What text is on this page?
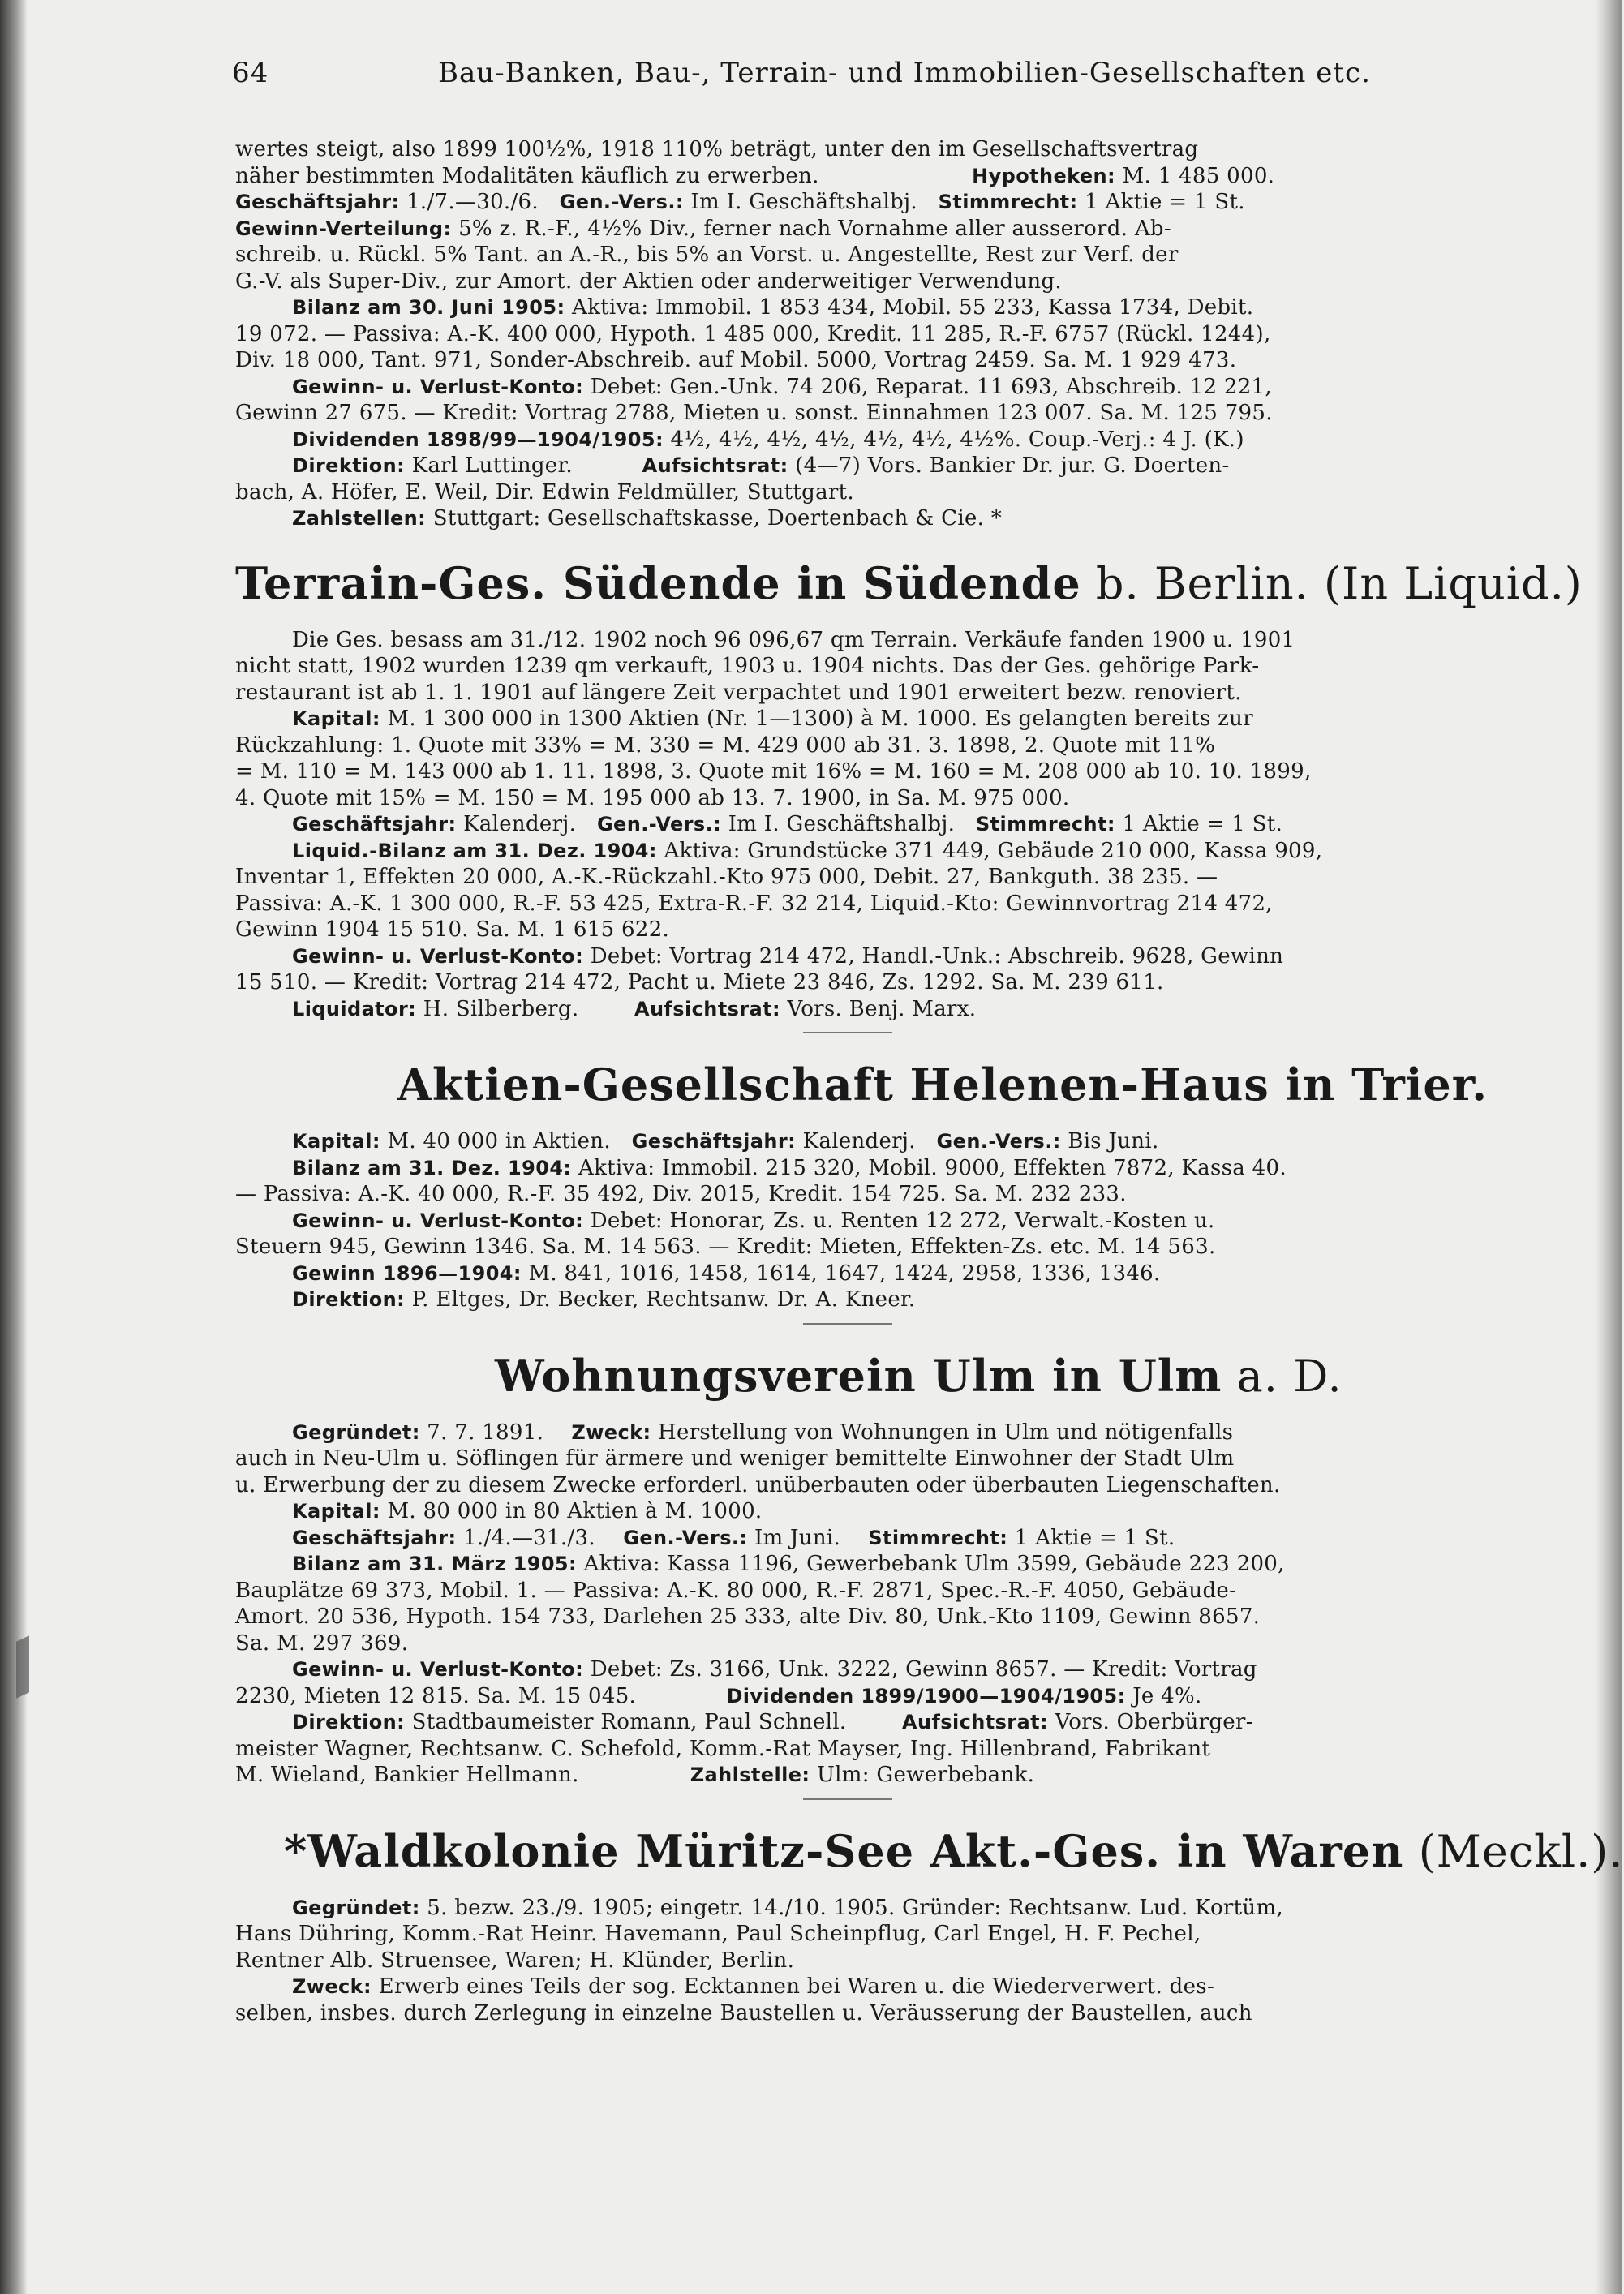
64	Bau-Banken, Bau-, Terrain- und Immobilien-Gesellschaften etc.

wertes steigt, also 1899 100½%, 1918 110% beträgt, unter den im Gesellschaftsvertrag

näher bestimmten Modalitäten käuflich zu erwerben.	Hypotheken: M. 1 485 000.

Geschäftsjahr: 1./7.—30./6. Gen.-Vers.: Im I. Geschäftshalbj. Stimmrecht: 1 Aktie = 1 St.

Gewinn-Verteilung: 5% z. R.-F., 4½% Div., ferner nach Vornahme aller ausserord. Ab-

schreib. u. Rückl. 5% Tant. an A.-R., bis 5% an Vorst. u. Angestellte, Rest zur Verf. der

G.-V. als Super-Div., zur Amort. der Aktien oder anderweitiger Verwendung.

Bilanz am 30. Juni 1905: Aktiva: Immobil. 1 853 434, Mobil. 55 233, Kassa 1734, Debit.

19 072. — Passiva: A.-K. 400 000, Hypoth. 1 485 000, Kredit. 11 285, R.-F. 6757 (Rückl. 1244),

Div. 18 000, Tant. 971, Sonder-Abschreib. auf Mobil. 5000, Vortrag 2459. Sa. M. 1 929 473.

Gewinn- u. Verlust-Konto: Debet: Gen.-Unk. 74 206, Reparat. 11 693, Abschreib. 12 221,

Gewinn 27 675. — Kredit: Vortrag 2788, Mieten u. sonst. Einnahmen 123 007. Sa. M. 125 795.

Dividenden 1898/99—1904/1905: 4½, 4½, 4½, 4½, 4½, 4½, 4½%. Coup.-Verj.: 4 J. (K.)

Direktion: Karl Luttinger.	Aufsichtsrat: (4—7) Vors. Bankier Dr. jur. G. Doerten-

bach, A. Höfer, E. Weil, Dir. Edwin Feldmüller, Stuttgart.

Zahlstellen: Stuttgart: Gesellschaftskasse, Doertenbach & Cie. *

Terrain-Ges. Südende in Südende b. Berlin. (In Liquid.)

Die Ges. besass am 31./12. 1902 noch 96 096,67 qm Terrain. Verkäufe fanden 1900 u. 1901

nicht statt, 1902 wurden 1239 qm verkauft, 1903 u. 1904 nichts. Das der Ges. gehörige Park-

restaurant ist ab 1. 1. 1901 auf längere Zeit verpachtet und 1901 erweitert bezw. renoviert.

Kapital: M. 1 300 000 in 1300 Aktien (Nr. 1—1300) à M. 1000. Es gelangten bereits zur

Rückzahlung: 1. Quote mit 33% = M. 330 = M. 429 000 ab 31. 3. 1898, 2. Quote mit 11%

= M. 110 = M. 143 000 ab 1. 11. 1898, 3. Quote mit 16% = M. 160 = M. 208 000 ab 10. 10. 1899,

4. Quote mit 15% = M. 150 = M. 195 000 ab 13. 7. 1900, in Sa. M. 975 000.

Geschäftsjahr: Kalenderj. Gen.-Vers.: Im I. Geschäftshalbj. Stimmrecht: 1 Aktie = 1 St.

Liquid.-Bilanz am 31. Dez. 1904: Aktiva: Grundstücke 371 449, Gebäude 210 000, Kassa 909,

Inventar 1, Effekten 20 000, A.-K.-Rückzahl.-Kto 975 000, Debit. 27, Bankguth. 38 235. —

Passiva: A.-K. 1 300 000, R.-F. 53 425, Extra-R.-F. 32 214, Liquid.-Kto: Gewinnvortrag 214 472,

Gewinn 1904 15 510. Sa. M. 1 615 622.

Gewinn- u. Verlust-Konto: Debet: Vortrag 214 472, Handl.-Unk.: Abschreib. 9628, Gewinn

15 510. — Kredit: Vortrag 214 472, Pacht u. Miete 23 846, Zs. 1292. Sa. M. 239 611.

Liquidator: H. Silberberg.	Aufsichtsrat: Vors. Benj. Marx.

Aktien-Gesellschaft Helenen-Haus in Trier.

Kapital: M. 40 000 in Aktien. Geschäftsjahr: Kalenderj. Gen.-Vers.: Bis Juni.

Bilanz am 31. Dez. 1904: Aktiva: Immobil. 215 320, Mobil. 9000, Effekten 7872, Kassa 40.

— Passiva: A.-K. 40 000, R.-F. 35 492, Div. 2015, Kredit. 154 725. Sa. M. 232 233.

Gewinn- u. Verlust-Konto: Debet: Honorar, Zs. u. Renten 12 272, Verwalt.-Kosten u.

Steuern 945, Gewinn 1346. Sa. M. 14 563. — Kredit: Mieten, Effekten-Zs. etc. M. 14 563.

Gewinn 1896—1904: M. 841, 1016, 1458, 1614, 1647, 1424, 2958, 1336, 1346.

Direktion: P. Eltges, Dr. Becker, Rechtsanw. Dr. A. Kneer.

Wohnungsverein Ulm in Ulm a. D.

Gegründet: 7. 7. 1891. Zweck: Herstellung von Wohnungen in Ulm und nötigenfalls

auch in Neu-Ulm u. Söflingen für ärmere und weniger bemittelte Einwohner der Stadt Ulm

u. Erwerbung der zu diesem Zwecke erforderl. unüberbauten oder überbauten Liegenschaften.

Kapital: M. 80 000 in 80 Aktien à M. 1000.

Geschäftsjahr: 1./4.—31./3. Gen.-Vers.: Im Juni. Stimmrecht: 1 Aktie = 1 St.

Bilanz am 31. März 1905: Aktiva: Kassa 1196, Gewerbebank Ulm 3599, Gebäude 223 200,

Bauplätze 69 373, Mobil. 1. — Passiva: A.-K. 80 000, R.-F. 2871, Spec.-R.-F. 4050, Gebäude-

Amort. 20 536, Hypoth. 154 733, Darlehen 25 333, alte Div. 80, Unk.-Kto 1109, Gewinn 8657.

Sa. M. 297 369.

Gewinn- u. Verlust-Konto: Debet: Zs. 3166, Unk. 3222, Gewinn 8657. — Kredit: Vortrag

2230, Mieten 12 815. Sa. M. 15 045.	Dividenden 1899/1900—1904/1905: Je 4%.

Direktion: Stadtbaumeister Romann, Paul Schnell.	Aufsichtsrat: Vors. Oberbürger-

meister Wagner, Rechtsanw. C. Schefold, Komm.-Rat Mayser, Ing. Hillenbrand, Fabrikant

M. Wieland, Bankier Hellmann.	Zahlstelle: Ulm: Gewerbebank.

*Waldkolonie Müritz-See Akt.-Ges. in Waren (Meckl.).

Gegründet: 5. bezw. 23./9. 1905; eingetr. 14./10. 1905. Gründer: Rechtsanw. Lud. Kortüm,

Hans Dühring, Komm.-Rat Heinr. Havemann, Paul Scheinpflug, Carl Engel, H. F. Pechel,

Rentner Alb. Struensee, Waren; H. Klünder, Berlin.

Zweck: Erwerb eines Teils der sog. Ecktannen bei Waren u. die Wiederverwert. des-

selben, insbes. durch Zerlegung in einzelne Baustellen u. Veräusserung der Baustellen, auch
